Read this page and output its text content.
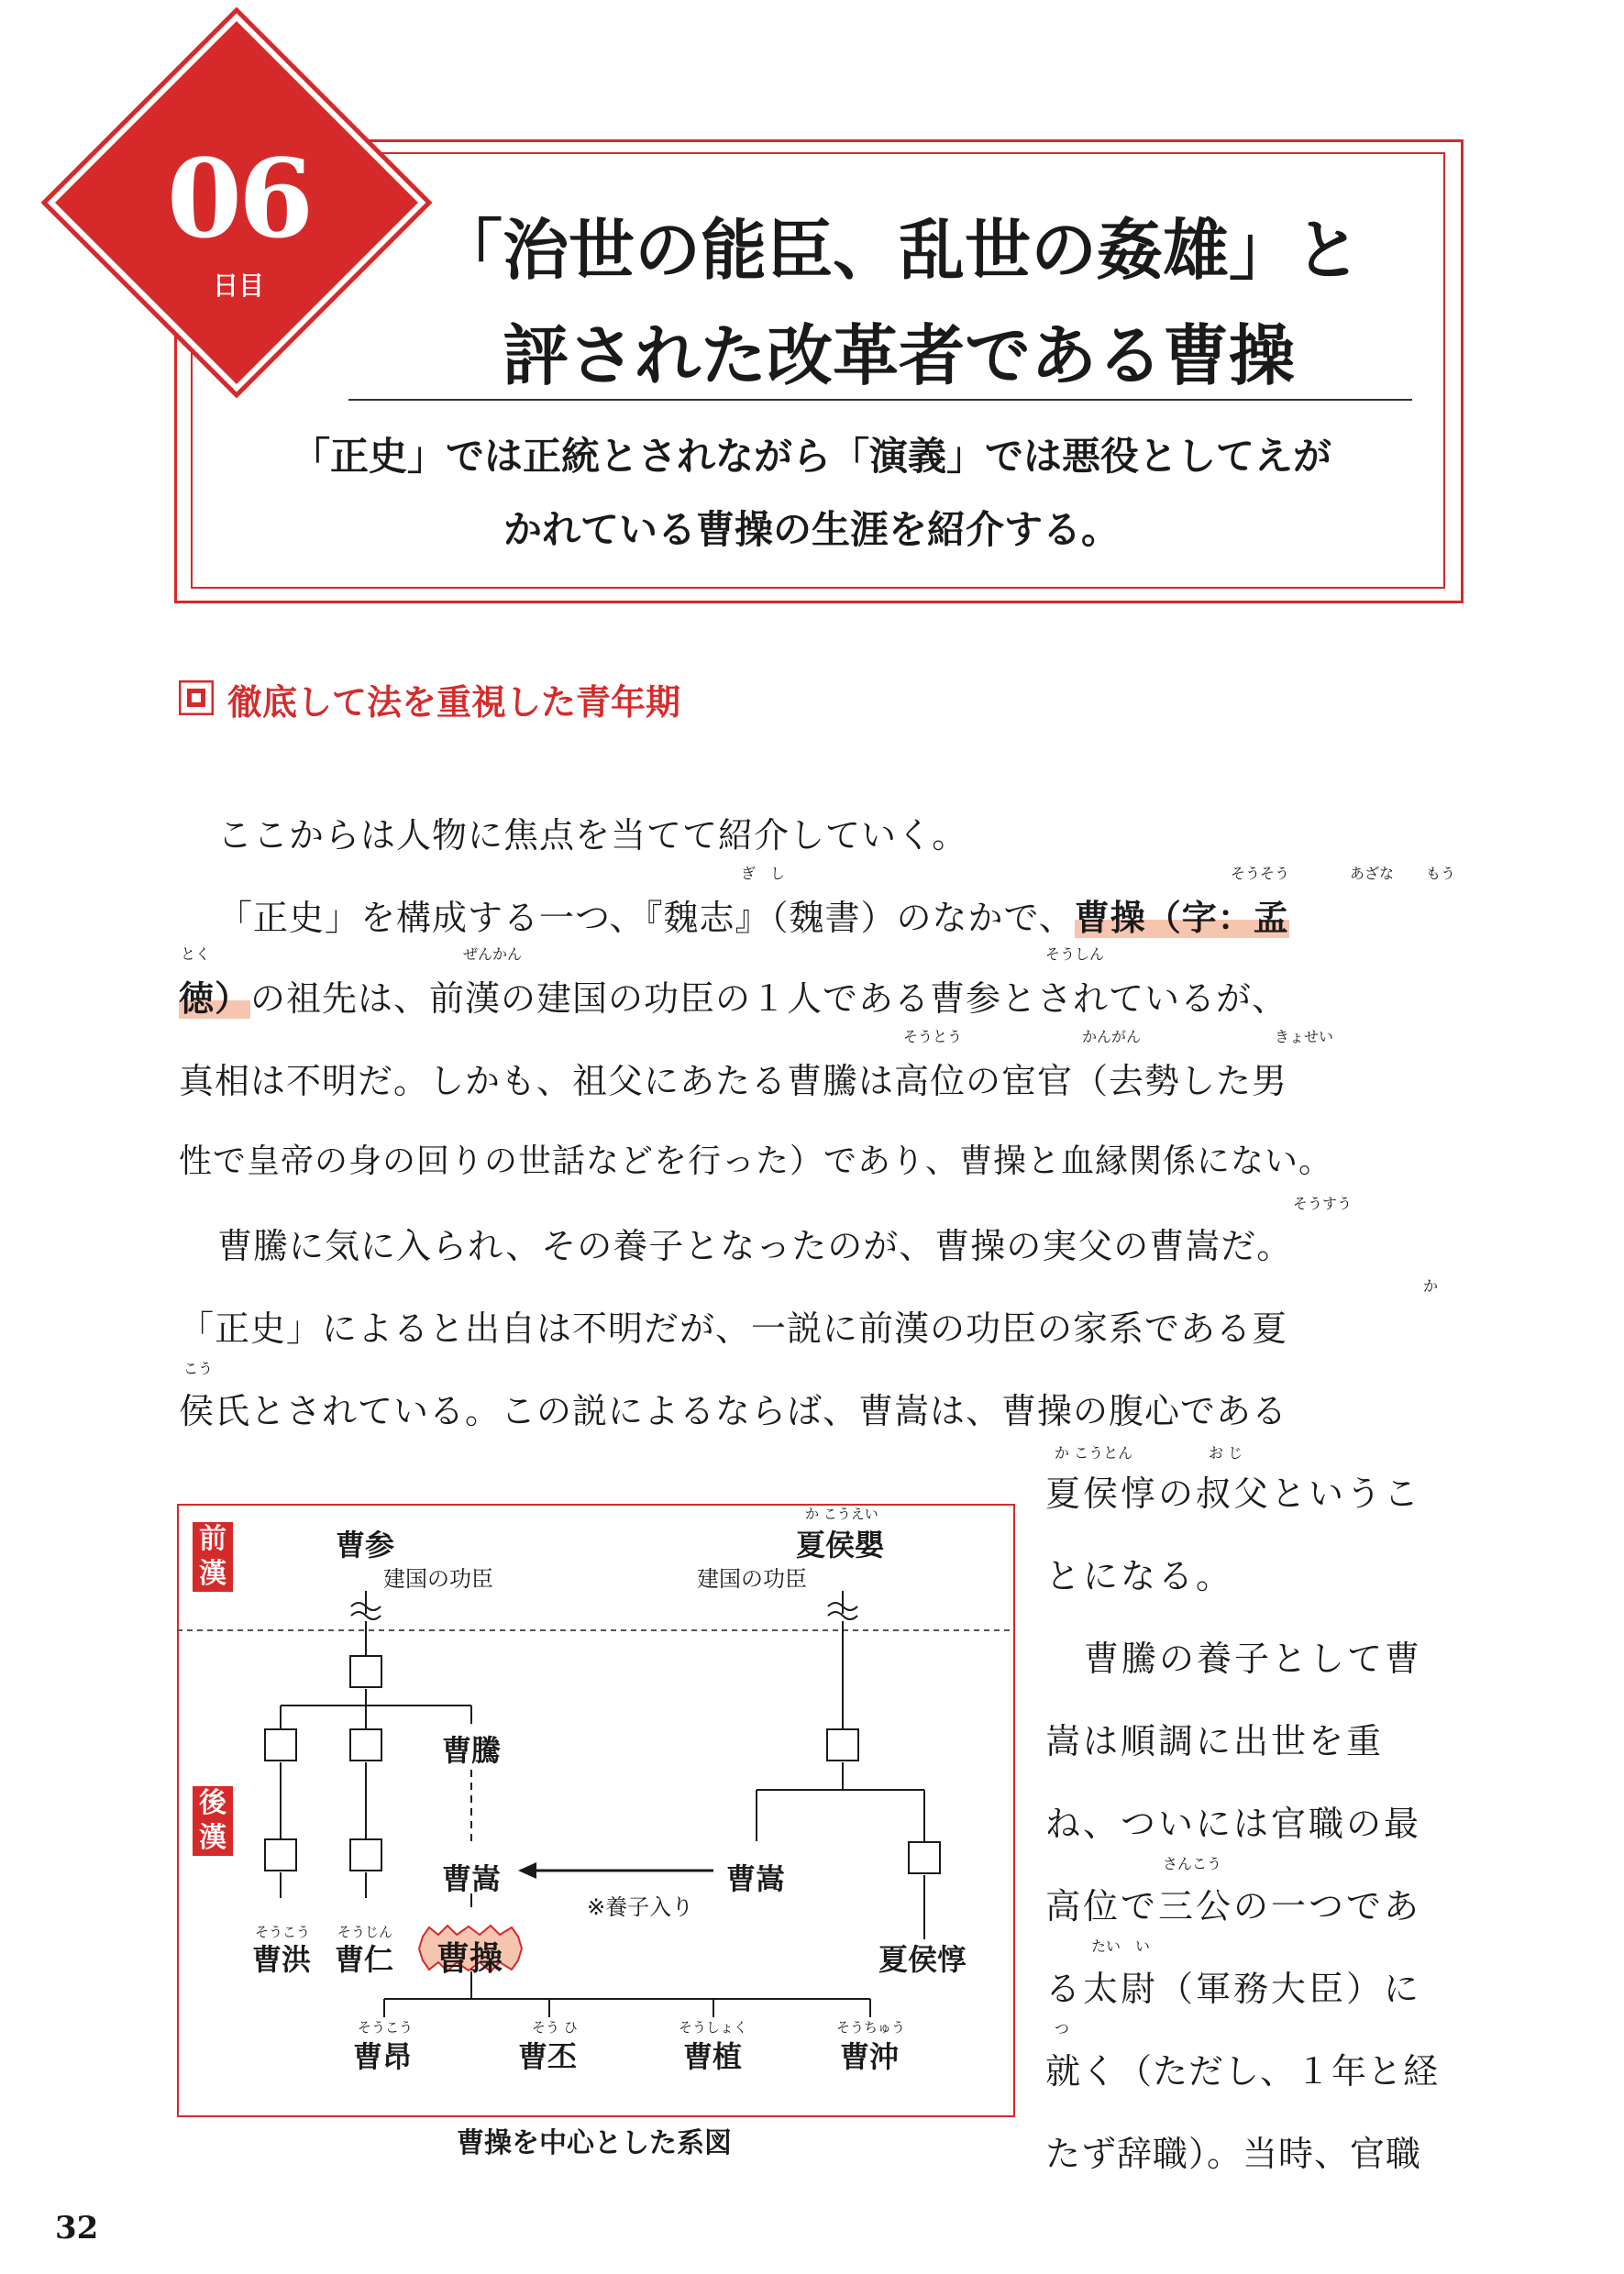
06
日目	「治世の能臣、乱世の姦雄」と
評された改革者である曹操
「正史」では正統とされながら「演義」では悪役としてえが
かれている曹操の生涯を紹介する。
徹底して法を重視した青年期
ここからは人物に焦点を当てて紹介していく。
ぎ　し
「正史」を構成する一つ、『魏志』（魏書）のなかで、曹操（字：孟
そうそう	あざな もう
とく	ぜんかん	そうしん
徳）の祖先は、前漢の建国の功臣の１人である曹参とされているが、
そうとう	かんがん	きょせい
真相は不明だ。しかも、祖父にあたる曹騰は高位の宦官（去勢した男
性で皇帝の身の回りの世話などを行った）であり、曹操と血縁関係にない。
そうすう
曹騰に気に入られ、その養子となったのが、曹操の実父の曹嵩だ。
か
「正史」によると出自は不明だが、一説に前漢の功臣の家系である夏
こう
侯氏とされている。この説によるならば、曹嵩は、曹操の腹心である
か こうとん	お じ
夏侯惇の叔父というこ
とになる。
曹騰の養子として曹
嵩は順調に出世を重
ね、ついには官職の最
さんこう
高位で三公の一つであ
たい　い
る太尉（軍務大臣）に
つ
就く（ただし、１年と経
たず辞職）。当時、官職
前漢
後漢
曹参
建国の功臣
か こうえい
夏侯嬰
建国の功臣
曹騰
曹嵩	曹嵩
※養子入り
そうこう
曹洪
そうじん
曹仁 曹操	夏侯惇
そうこう
曹昂
そう ひ
曹丕
そうしょく
曹植
そうちゅう
曹沖
曹操を中心とした系図
32
